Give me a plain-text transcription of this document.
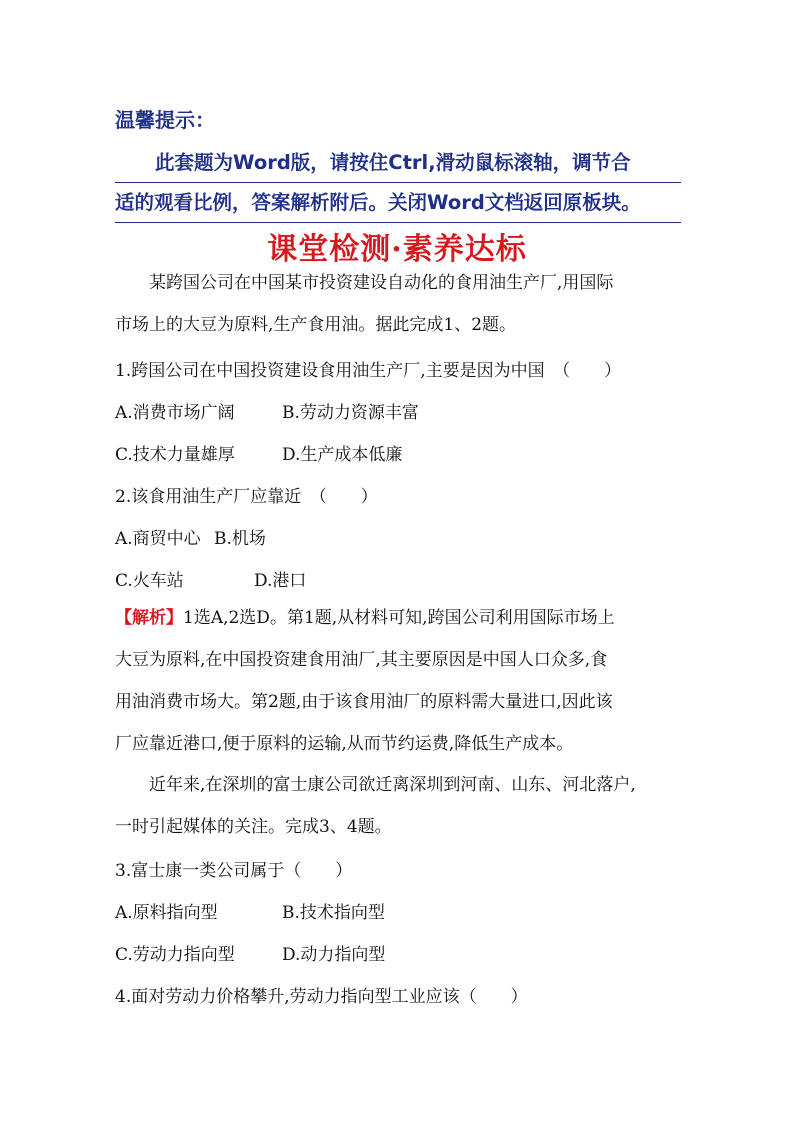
温馨提示：
此套题为Word版，请按住Ctrl,滑动鼠标滚轴，调节合
适的观看比例，答案解析附后。关闭Word文档返回原板块。
课堂检测·素养达标
某跨国公司在中国某市投资建设自动化的食用油生产厂,用国际
市场上的大豆为原料,生产食用油。据此完成1、2题。
1.跨国公司在中国投资建设食用油生产厂,主要是因为中国　（　　）
A.消费市场广阔	B.劳动力资源丰富
C.技术力量雄厚	D.生产成本低廉
2.该食用油生产厂应靠近　（　　）
A.商贸中心 B.机场
C.火车站	D.港口
【解析】1选A,2选D。第1题,从材料可知,跨国公司利用国际市场上
大豆为原料,在中国投资建食用油厂,其主要原因是中国人口众多,食
用油消费市场大。第2题,由于该食用油厂的原料需大量进口,因此该
厂应靠近港口,便于原料的运输,从而节约运费,降低生产成本。
近年来,在深圳的富士康公司欲迁离深圳到河南、山东、河北落户,
一时引起媒体的关注。完成3、4题。
3.富士康一类公司属于（　　）
A.原料指向型	B.技术指向型
C.劳动力指向型	D.动力指向型
4.面对劳动力价格攀升,劳动力指向型工业应该（　　）
